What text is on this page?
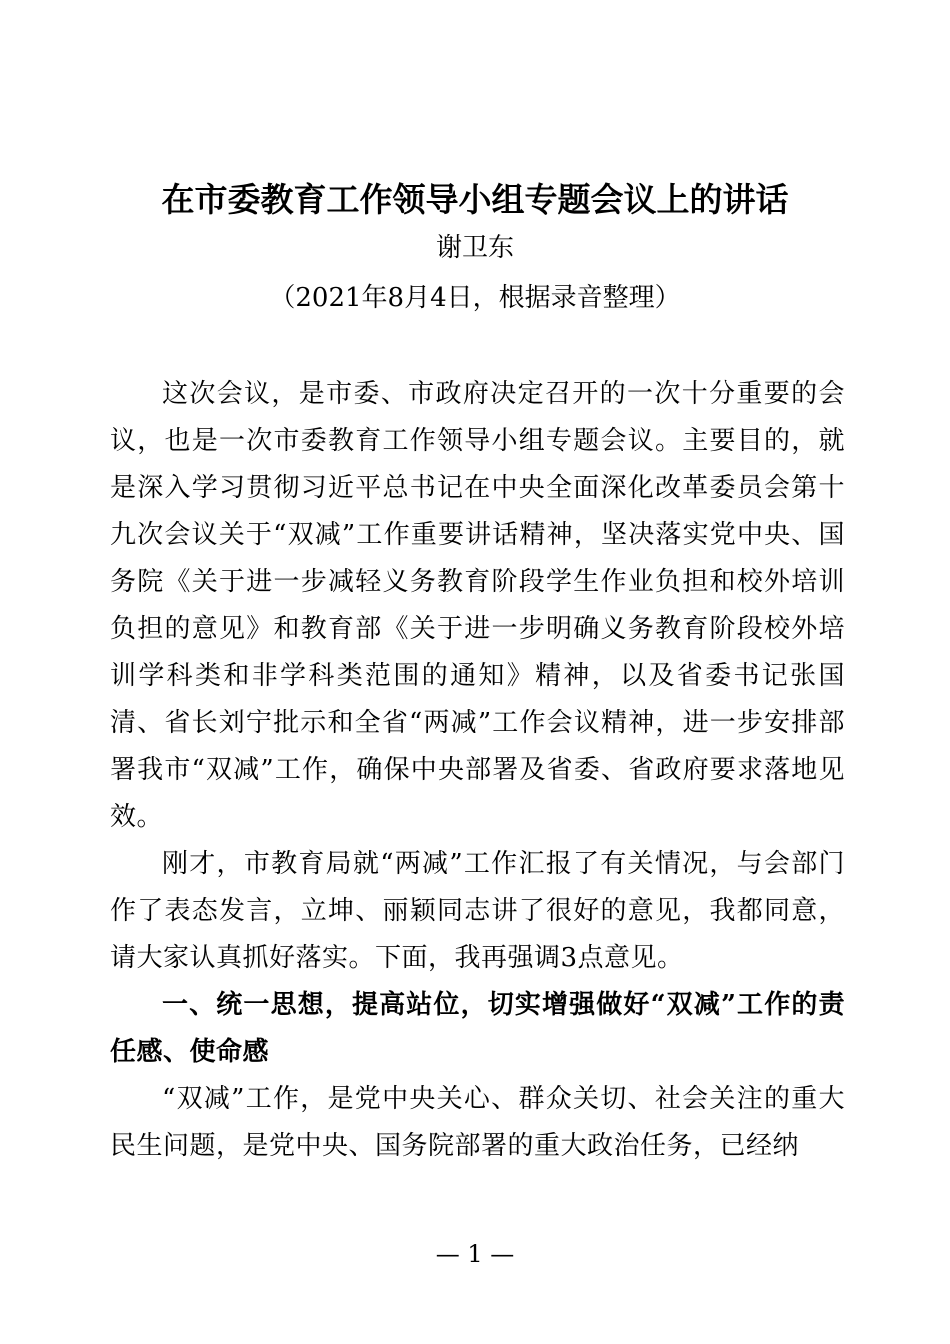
在市委教育工作领导小组专题会议上的讲话
谢卫东
（2021年8月4日，根据录音整理）

这次会议，是市委、市政府决定召开的一次十分重要的会议，也是一次市委教育工作领导小组专题会议。主要目的，就是深入学习贯彻习近平总书记在中央全面深化改革委员会第十九次会议关于“双减”工作重要讲话精神，坚决落实党中央、国务院《关于进一步减轻义务教育阶段学生作业负担和校外培训负担的意见》和教育部《关于进一步明确义务教育阶段校外培训学科类和非学科类范围的通知》精神，以及省委书记张国清、省长刘宁批示和全省“两减”工作会议精神，进一步安排部署我市“双减”工作，确保中央部署及省委、省政府要求落地见效。

刚才，市教育局就“两减”工作汇报了有关情况，与会部门作了表态发言，立坤、丽颖同志讲了很好的意见，我都同意，请大家认真抓好落实。下面，我再强调3点意见。

一、统一思想，提高站位，切实增强做好“双减”工作的责任感、使命感

“双减”工作，是党中央关心、群众关切、社会关注的重大民生问题，是党中央、国务院部署的重大政治任务，已经纳

— 1 —
